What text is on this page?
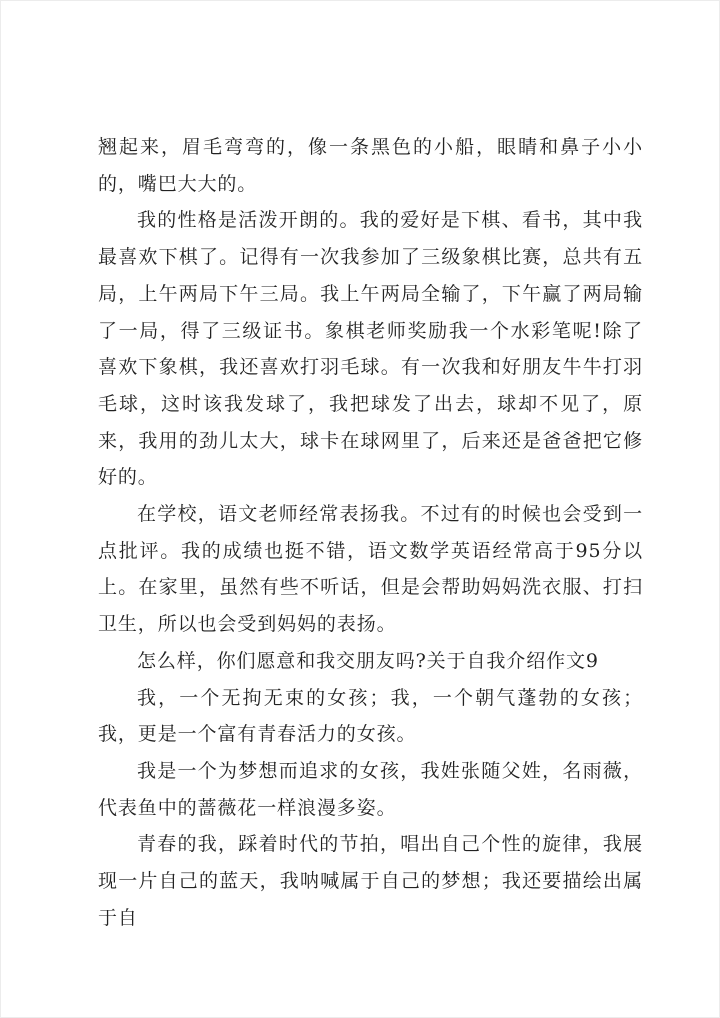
翘起来，眉毛弯弯的，像一条黑色的小船，眼睛和鼻子小小的，嘴巴大大的。

我的性格是活泼开朗的。我的爱好是下棋、看书，其中我最喜欢下棋了。记得有一次我参加了三级象棋比赛，总共有五局，上午两局下午三局。我上午两局全输了，下午赢了两局输了一局，得了三级证书。象棋老师奖励我一个水彩笔呢!除了喜欢下象棋，我还喜欢打羽毛球。有一次我和好朋友牛牛打羽毛球，这时该我发球了，我把球发了出去，球却不见了，原来，我用的劲儿太大，球卡在球网里了，后来还是爸爸把它修好的。

在学校，语文老师经常表扬我。不过有的时候也会受到一点批评。我的成绩也挺不错，语文数学英语经常高于95分以上。在家里，虽然有些不听话，但是会帮助妈妈洗衣服、打扫卫生，所以也会受到妈妈的表扬。

怎么样，你们愿意和我交朋友吗?关于自我介绍作文9

我，一个无拘无束的女孩；我，一个朝气蓬勃的女孩；我，更是一个富有青春活力的女孩。

我是一个为梦想而追求的女孩，我姓张随父姓，名雨薇，代表鱼中的蔷薇花一样浪漫多姿。

青春的我，踩着时代的节拍，唱出自己个性的旋律，我展现一片自己的蓝天，我呐喊属于自己的梦想；我还要描绘出属于自
